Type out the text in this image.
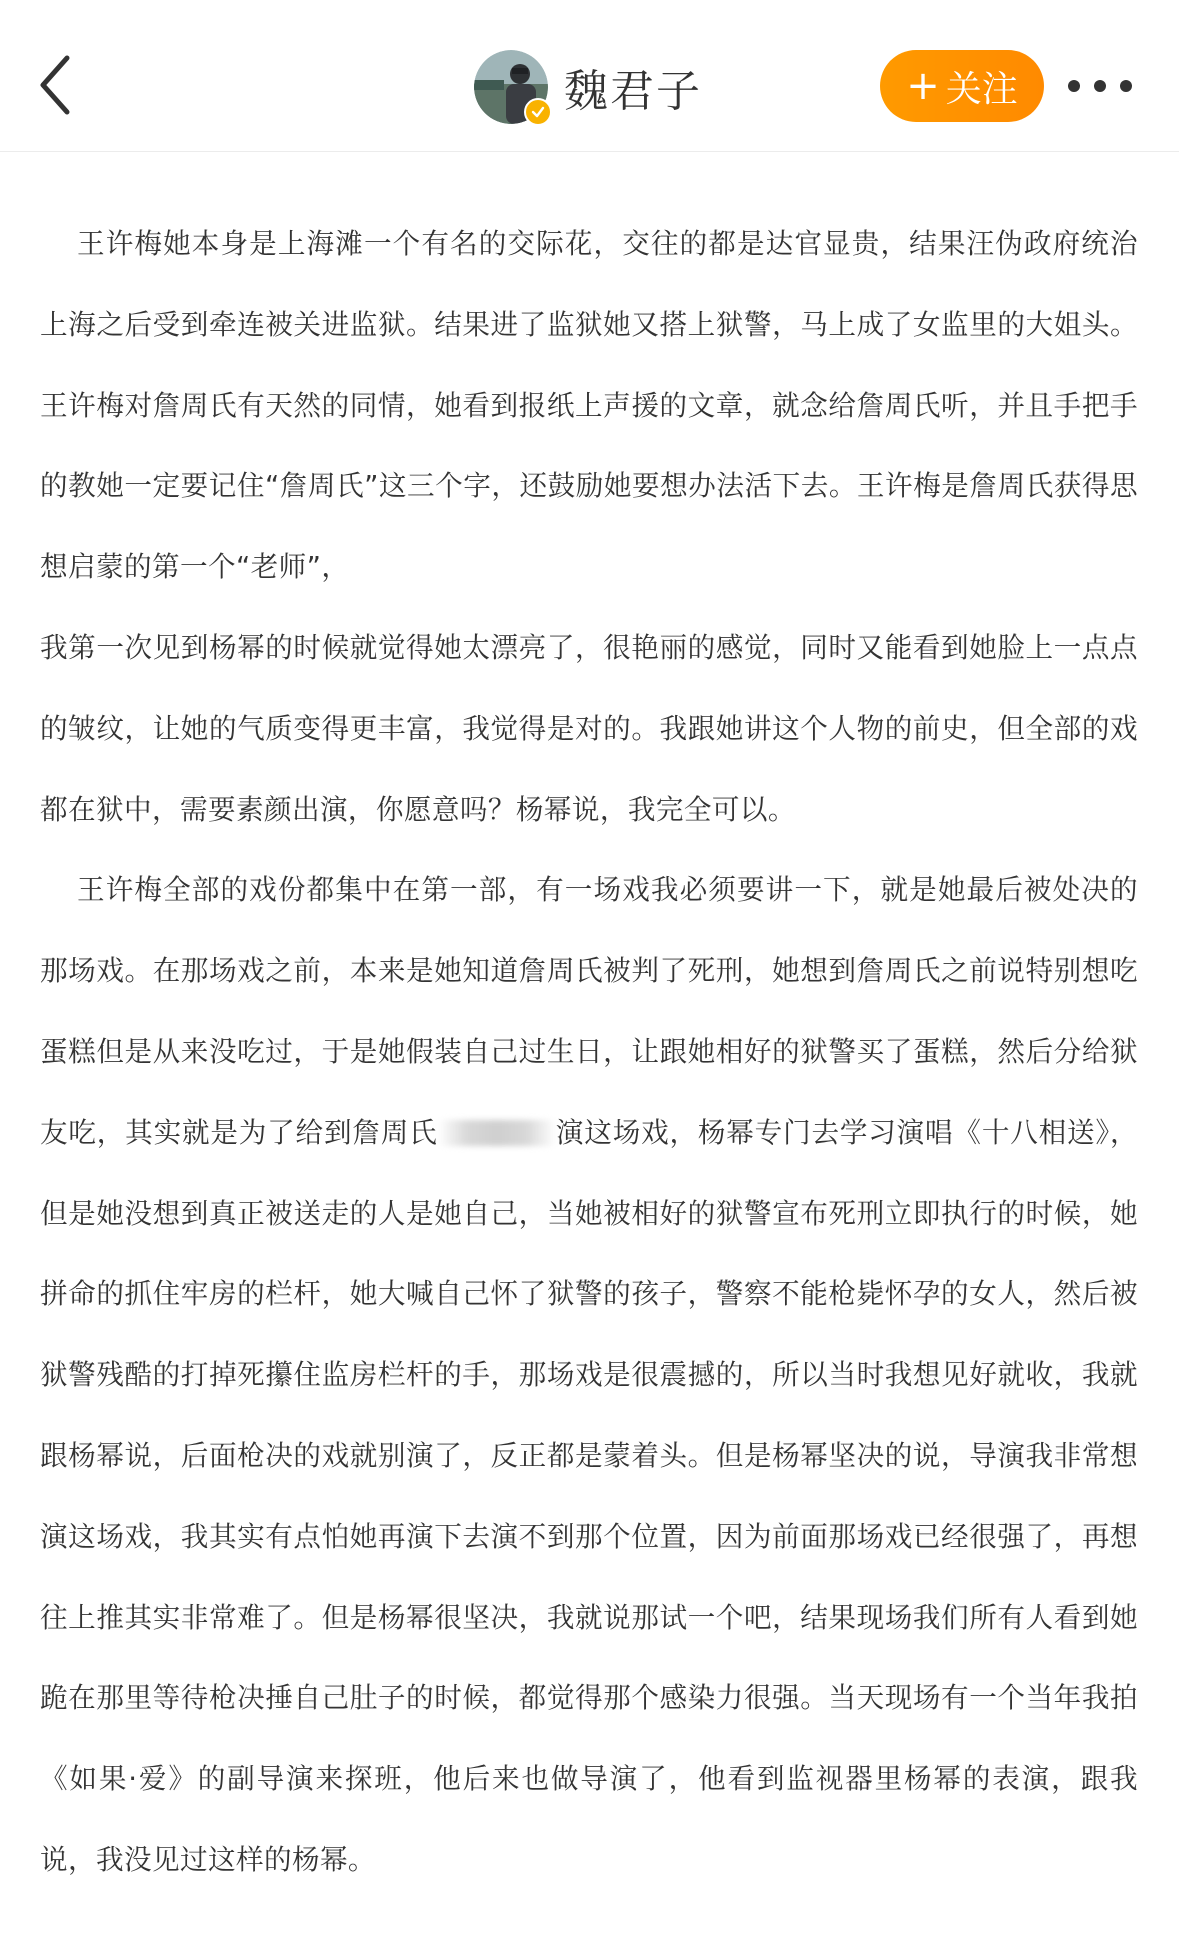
魏君子	+ 关注

王许梅她本身是上海滩一个有名的交际花，交往的都是达官显贵，结果汪伪政府统治上海之后受到牵连被关进监狱。结果进了监狱她又搭上狱警，马上成了女监里的大姐头。王许梅对詹周氏有天然的同情，她看到报纸上声援的文章，就念给詹周氏听，并且手把手的教她一定要记住“詹周氏”这三个字，还鼓励她要想办法活下去。王许梅是詹周氏获得思想启蒙的第一个“老师”，

我第一次见到杨幂的时候就觉得她太漂亮了，很艳丽的感觉，同时又能看到她脸上一点点的皱纹，让她的气质变得更丰富，我觉得是对的。我跟她讲这个人物的前史，但全部的戏都在狱中，需要素颜出演，你愿意吗？杨幂说，我完全可以。

王许梅全部的戏份都集中在第一部，有一场戏我必须要讲一下，就是她最后被处决的那场戏。在那场戏之前，本来是她知道詹周氏被判了死刑，她想到詹周氏之前说特别想吃蛋糕但是从来没吃过，于是她假装自己过生日，让跟她相好的狱警买了蛋糕，然后分给狱友吃，其实就是为了给到詹周氏	演这场戏，杨幂专门去学习演唱《十八相送》，但是她没想到真正被送走的人是她自己，当她被相好的狱警宣布死刑立即执行的时候，她拼命的抓住牢房的栏杆，她大喊自己怀了狱警的孩子，警察不能枪毙怀孕的女人，然后被狱警残酷的打掉死攥住监房栏杆的手，那场戏是很震撼的，所以当时我想见好就收，我就跟杨幂说，后面枪决的戏就别演了，反正都是蒙着头。但是杨幂坚决的说，导演我非常想演这场戏，我其实有点怕她再演下去演不到那个位置，因为前面那场戏已经很强了，再想往上推其实非常难了。但是杨幂很坚决，我就说那试一个吧，结果现场我们所有人看到她跪在那里等待枪决捶自己肚子的时候，都觉得那个感染力很强。当天现场有一个当年我拍《如果·爱》的副导演来探班，他后来也做导演了，他看到监视器里杨幂的表演，跟我说，我没见过这样的杨幂。
